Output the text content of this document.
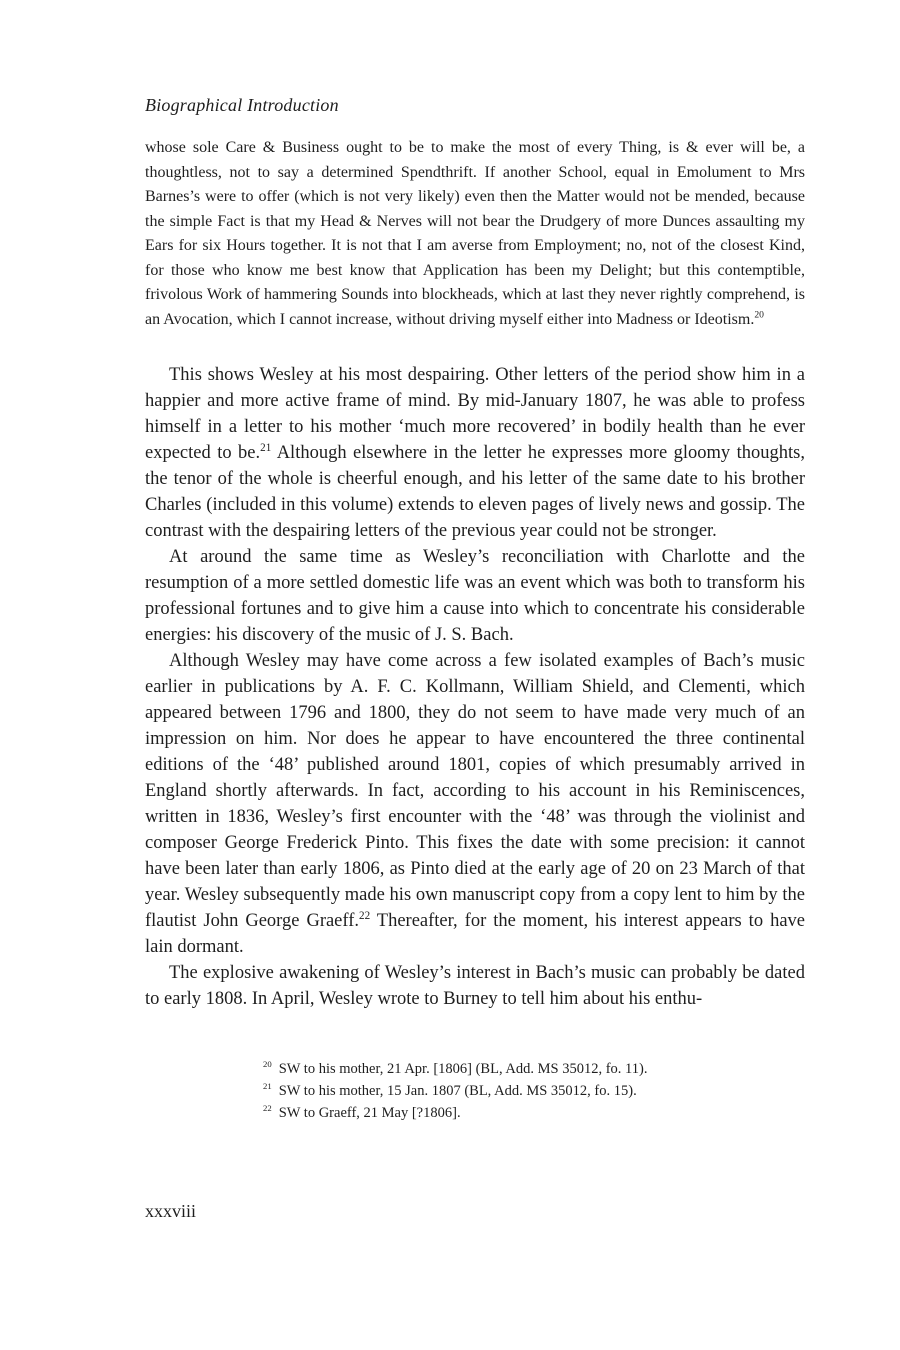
Biographical Introduction
whose sole Care & Business ought to be to make the most of every Thing, is & ever will be, a thoughtless, not to say a determined Spendthrift. If another School, equal in Emolument to Mrs Barnes’s were to offer (which is not very likely) even then the Matter would not be mended, because the simple Fact is that my Head & Nerves will not bear the Drudgery of more Dunces assaulting my Ears for six Hours together. It is not that I am averse from Employment; no, not of the closest Kind, for those who know me best know that Application has been my Delight; but this contemptible, frivolous Work of hammering Sounds into blockheads, which at last they never rightly comprehend, is an Avocation, which I cannot increase, without driving myself either into Madness or Ideotism.$^{20}$

This shows Wesley at his most despairing. Other letters of the period show him in a happier and more active frame of mind. By mid-January 1807, he was able to profess himself in a letter to his mother ‘much more recovered’ in bodily health than he ever expected to be.$^{21}$ Although elsewhere in the letter he expresses more gloomy thoughts, the tenor of the whole is cheerful enough, and his letter of the same date to his brother Charles (included in this volume) extends to eleven pages of lively news and gossip. The contrast with the despairing letters of the previous year could not be stronger.

At around the same time as Wesley’s reconciliation with Charlotte and the resumption of a more settled domestic life was an event which was both to transform his professional fortunes and to give him a cause into which to concentrate his considerable energies: his discovery of the music of J. S. Bach.

Although Wesley may have come across a few isolated examples of Bach’s music earlier in publications by A. F. C. Kollmann, William Shield, and Clementi, which appeared between 1796 and 1800, they do not seem to have made very much of an impression on him. Nor does he appear to have encountered the three continental editions of the ‘48’ published around 1801, copies of which presumably arrived in England shortly afterwards. In fact, according to his account in his Reminiscences, written in 1836, Wesley’s first encounter with the ‘48’ was through the violinist and composer George Frederick Pinto. This fixes the date with some precision: it cannot have been later than early 1806, as Pinto died at the early age of 20 on 23 March of that year. Wesley subsequently made his own manuscript copy from a copy lent to him by the flautist John George Graeff.$^{22}$ Thereafter, for the moment, his interest appears to have lain dormant.

The explosive awakening of Wesley’s interest in Bach’s music can probably be dated to early 1808. In April, Wesley wrote to Burney to tell him about his enthu-

$^{20}$ SW to his mother, 21 Apr. [1806] (BL, Add. MS 35012, fo. 11).
$^{21}$ SW to his mother, 15 Jan. 1807 (BL, Add. MS 35012, fo. 15).
$^{22}$ SW to Graeff, 21 May [?1806].
xxxviii
